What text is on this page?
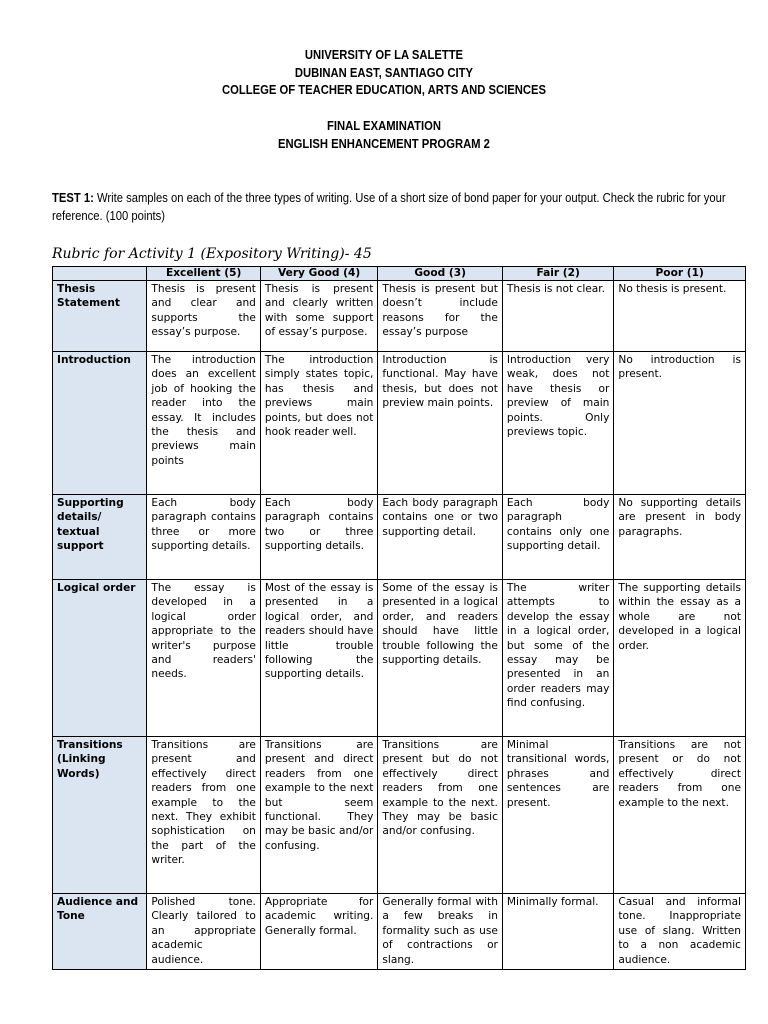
UNIVERSITY OF LA SALETTE
DUBINAN EAST, SANTIAGO CITY
COLLEGE OF TEACHER EDUCATION, ARTS AND SCIENCES
FINAL EXAMINATION
ENGLISH ENHANCEMENT PROGRAM 2
TEST 1: Write samples on each of the three types of writing. Use of a short size of bond paper for your output. Check the rubric for your reference. (100 points)
Rubric for Activity 1 (Expository Writing)- 45
	Excellent (5)	Very Good (4)	Good (3)	Fair (2)	Poor (1)
Thesis Statement	Thesis is present and clear and supports the essay’s purpose.	Thesis is present and clearly written with some support of essay’s purpose.	Thesis is present but doesn’t include reasons for the essay’s purpose	Thesis is not clear.	No thesis is present.
Introduction	The introduction does an excellent job of hooking the reader into the essay. It includes the thesis and previews main points	The introduction simply states topic, has thesis and previews main points, but does not hook reader well.	Introduction is functional. May have thesis, but does not preview main points.	Introduction very weak, does not have thesis or preview of main points. Only previews topic.	No introduction is present.
Supporting details/ textual support	Each body paragraph contains three or more supporting details.	Each body paragraph contains two or three supporting details.	Each body paragraph contains one or two supporting detail.	Each body paragraph contains only one supporting detail.	No supporting details are present in body paragraphs.
Logical order	The essay is developed in a logical order appropriate to the writer's purpose and readers' needs.	Most of the essay is presented in a logical order, and readers should have little trouble following the supporting details.	Some of the essay is presented in a logical order, and readers should have little trouble following the supporting details.	The writer attempts to develop the essay in a logical order, but some of the essay may be presented in an order readers may find confusing.	The supporting details within the essay as a whole are not developed in a logical order.
Transitions (Linking Words)	Transitions are present and effectively direct readers from one example to the next. They exhibit sophistication on the part of the writer.	Transitions are present and direct readers from one example to the next but seem functional. They may be basic and/or confusing.	Transitions are present but do not effectively direct readers from one example to the next. They may be basic and/or confusing.	Minimal transitional words, phrases and sentences are present.	Transitions are not present or do not effectively direct readers from one example to the next.
Audience and Tone	Polished tone. Clearly tailored to an appropriate academic audience.	Appropriate for academic writing. Generally formal.	Generally formal with a few breaks in formality such as use of contractions or slang.	Minimally formal.	Casual and informal tone. Inappropriate use of slang. Written to a non academic audience.
